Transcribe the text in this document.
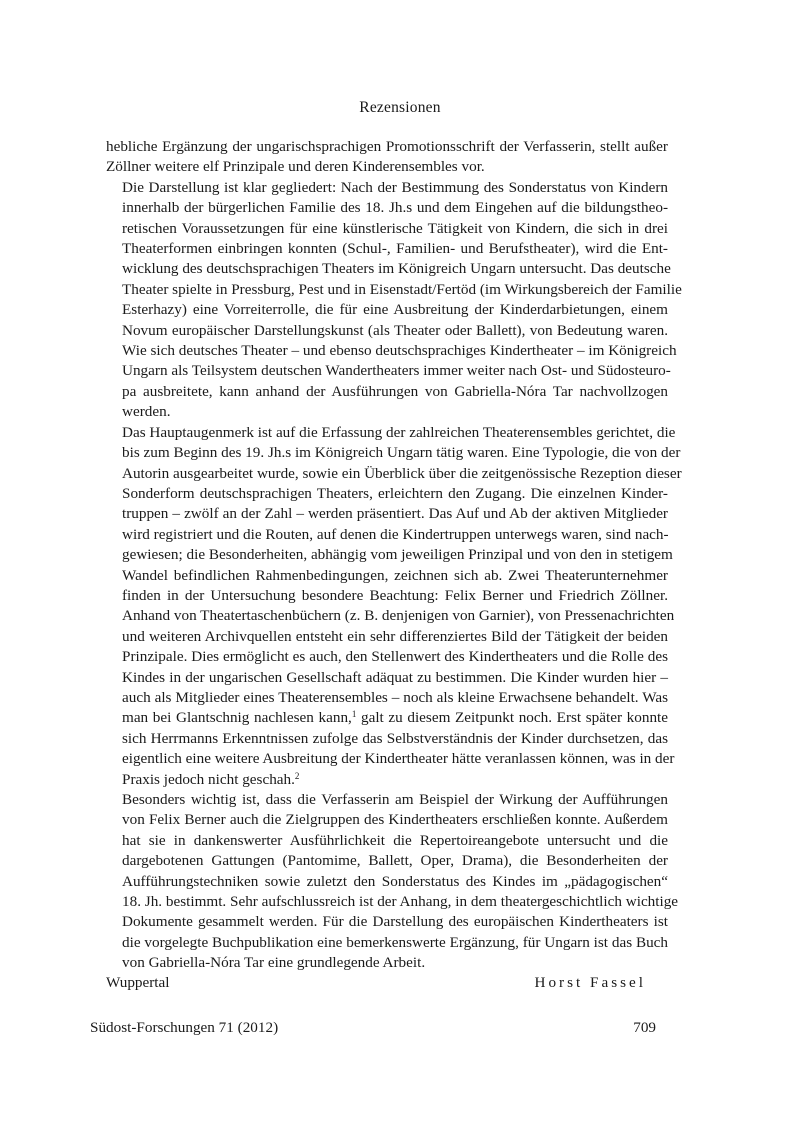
Rezensionen

hebliche Ergänzung der ungarischsprachigen Promotionsschrift der Verfasserin, stellt außer
Zöllner weitere elf Prinzipale und deren Kinderensembles vor.

Die Darstellung ist klar gegliedert: Nach der Bestimmung des Sonderstatus von Kindern
innerhalb der bürgerlichen Familie des 18. Jh.s und dem Eingehen auf die bildungstheo-
retischen Voraussetzungen für eine künstlerische Tätigkeit von Kindern, die sich in drei
Theaterformen einbringen konnten (Schul-, Familien- und Berufstheater), wird die Ent-
wicklung des deutschsprachigen Theaters im Königreich Ungarn untersucht. Das deutsche
Theater spielte in Pressburg, Pest und in Eisenstadt/Fertöd (im Wirkungsbereich der Familie
Esterhazy) eine Vorreiterrolle, die für eine Ausbreitung der Kinderdarbietungen, einem
Novum europäischer Darstellungskunst (als Theater oder Ballett), von Bedeutung waren.
Wie sich deutsches Theater – und ebenso deutschsprachiges Kindertheater – im Königreich
Ungarn als Teilsystem deutschen Wandertheaters immer weiter nach Ost- und Südosteuro-
pa ausbreitete, kann anhand der Ausführungen von Gabriella-Nóra Tar nachvollzogen
werden.

Das Hauptaugenmerk ist auf die Erfassung der zahlreichen Theaterensembles gerichtet, die
bis zum Beginn des 19. Jh.s im Königreich Ungarn tätig waren. Eine Typologie, die von der
Autorin ausgearbeitet wurde, sowie ein Überblick über die zeitgenössische Rezeption dieser
Sonderform deutschsprachigen Theaters, erleichtern den Zugang. Die einzelnen Kinder-
truppen – zwölf an der Zahl – werden präsentiert. Das Auf und Ab der aktiven Mitglieder
wird registriert und die Routen, auf denen die Kindertruppen unterwegs waren, sind nach-
gewiesen; die Besonderheiten, abhängig vom jeweiligen Prinzipal und von den in stetigem
Wandel befindlichen Rahmenbedingungen, zeichnen sich ab. Zwei Theaterunternehmer
finden in der Untersuchung besondere Beachtung: Felix Berner und Friedrich Zöllner.
Anhand von Theatertaschenbüchern (z. B. denjenigen von Garnier), von Pressenachrichten
und weiteren Archivquellen entsteht ein sehr differenziertes Bild der Tätigkeit der beiden
Prinzipale. Dies ermöglicht es auch, den Stellenwert des Kindertheaters und die Rolle des
Kindes in der ungarischen Gesellschaft adäquat zu bestimmen. Die Kinder wurden hier –
auch als Mitglieder eines Theaterensembles – noch als kleine Erwachsene behandelt. Was
man bei Glantschnig nachlesen kann,$^1$ galt zu diesem Zeitpunkt noch. Erst später konnte
sich Herrmanns Erkenntnissen zufolge das Selbstverständnis der Kinder durchsetzen, das
eigentlich eine weitere Ausbreitung der Kindertheater hätte veranlassen können, was in der
Praxis jedoch nicht geschah.$^2$

Besonders wichtig ist, dass die Verfasserin am Beispiel der Wirkung der Aufführungen
von Felix Berner auch die Zielgruppen des Kindertheaters erschließen konnte. Außerdem
hat sie in dankenswerter Ausführlichkeit die Repertoireangebote untersucht und die
dargebotenen Gattungen (Pantomime, Ballett, Oper, Drama), die Besonderheiten der
Aufführungstechniken sowie zuletzt den Sonderstatus des Kindes im „pädagogischen“
18. Jh. bestimmt. Sehr aufschlussreich ist der Anhang, in dem theatergeschichtlich wichtige
Dokumente gesammelt werden. Für die Darstellung des europäischen Kindertheaters ist
die vorgelegte Buchpublikation eine bemerkenswerte Ergänzung, für Ungarn ist das Buch
von Gabriella-Nóra Tar eine grundlegende Arbeit.

Wuppertal	Horst Fassel
Südost-Forschungen 71 (2012)	709
